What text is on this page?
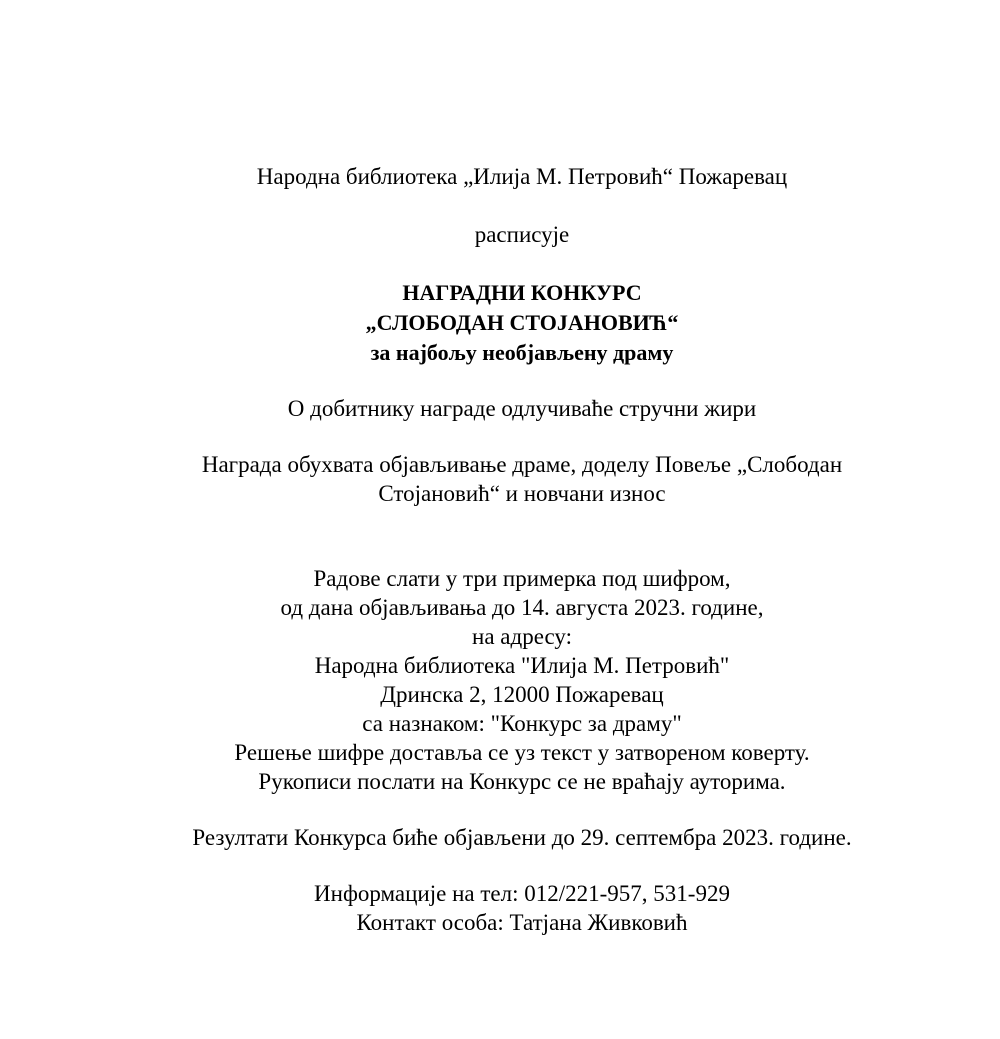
Народна библиотека „Илија М. Петровић“ Пожаревац
расписује
НАГРАДНИ КОНКУРС
„СЛОБОДАН СТОЈАНОВИЋ“
за најбољу необјављену драму
О добитнику награде одлучиваће стручни жири
Награда обухвата објављивање драме, доделу Повеље „Слободан
Стојановић“ и новчани износ
Радове слати у три примерка под шифром,
од дана објављивања до 14. августа 2023. године,
на адресу:
Народна библиотека "Илија М. Петровић"
Дринска 2, 12000 Пожаревац
са назнаком: "Конкурс за драму"
Решење шифре доставља се уз текст у затвореном коверту.
Рукописи послати на Конкурс се не враћају ауторима.
Резултати Конкурса биће објављени до 29. септембра 2023. године.
Информације на тел: 012/221-957, 531-929
Контакт особа: Татјана Живковић
